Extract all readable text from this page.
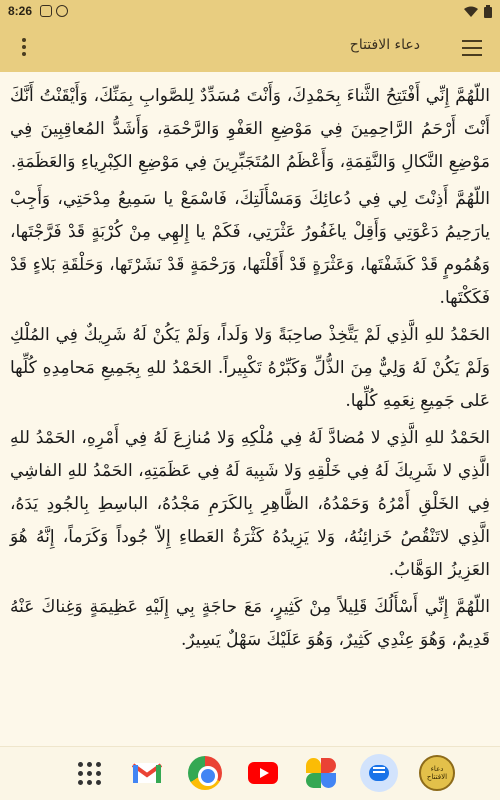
8:26
دعاء الافتتاح

اللّهُمَّ إِنِّي أَفْتَتِحُ الثَّناءَ بِحَمْدِكَ، وَأَنْتَ مُسَدِّدٌ لِلصَّوابِ بِمَنِّكَ، وَأَيْقَنْتُ أَنَّكَ أَنْتَ أَرْحَمُ الرَّاحِمِينَ فِي مَوْضِعِ العَفْوِ وَالرَّحْمَةِ، وَأَشَدُّ المُعاقِبِينَ فِي مَوْضِعِ النَّكالِ وَالنَّقِمَةِ، وَأَعْظَمُ المُتَجَبِّرِينَ فِي مَوْضِعِ الكِبْرِياءِ وَالعَظَمَةِ.

اللّهُمَّ أَذِنْتَ لِي فِي دُعائِكَ وَمَسْأَلَتِكَ، فَاسْمَعْ يا سَمِيعُ مِدْحَتِي، وَأَجِبْ يارَحِيمُ دَعْوَتِي وَأَقِلْ ياغَفُورُ عَثْرَتِي، فَكَمْ يا إِلهِي مِنْ كُرْبَةٍ قَدْ فَرَّجْتَها، وَهُمُومٍ قَدْ كَشَفْتَها، وَعَثْرَةٍ قَدْ أَقَلْتَها، وَرَحْمَةٍ قَدْ نَشَرْتَها، وَحَلْقَةِ بَلاءٍ قَدْ فَكَكْتَها.

الحَمْدُ للهِ الَّذِي لَمْ يَتَّخِذْ صاحِبَةً وَلا وَلَداً، وَلَمْ يَكُنْ لَهُ شَرِيكٌ فِي المُلْكِ وَلَمْ يَكُنْ لَهُ وَلِيٌّ مِنَ الذُّلِّ وَكَبِّرْهُ تَكْبِيراً. الحَمْدُ للهِ بِجَمِيعِ مَحامِدِهِ كُلِّها عَلى جَمِيعِ نِعَمِهِ كُلِّها.

الحَمْدُ للهِ الَّذِي لا مُضادَّ لَهُ فِي مُلْكِهِ وَلا مُنازِعَ لَهُ فِي أَمْرِهِ، الحَمْدُ للهِ الَّذِي لا شَرِيكَ لَهُ فِي خَلْقِهِ وَلا شَبِيهَ لَهُ فِي عَظَمَتِهِ، الحَمْدُ للهِ الفاشِي فِي الخَلْقِ أَمْرُهُ وَحَمْدُهُ، الظَّاهِرِ بِالكَرَمِ مَجْدُهُ، الباسِطِ بِالجُودِ يَدَهُ، الَّذِي لاتَنْقُصُ خَزائِنُهُ، وَلا يَزِيدُهُ كَثْرَةُ العَطاءِ إِلاّ جُوداً وَكَرَماً، إِنَّهُ هُوَ العَزِيزُ الوَهَّابُ.

اللّهُمَّ إِنِّي أَسْأَلُكَ قَلِيلاً مِنْ كَثِيرٍ، مَعَ حاجَةٍ بِي إِلَيْهِ عَظِيمَةٍ وَغِناكَ عَنْهُ قَدِيمٌ، وَهُوَ عِنْدِي كَثِيرٌ، وَهُوَ عَلَيْكَ سَهْلٌ يَسِيرٌ.

دعاء الافتتاح
